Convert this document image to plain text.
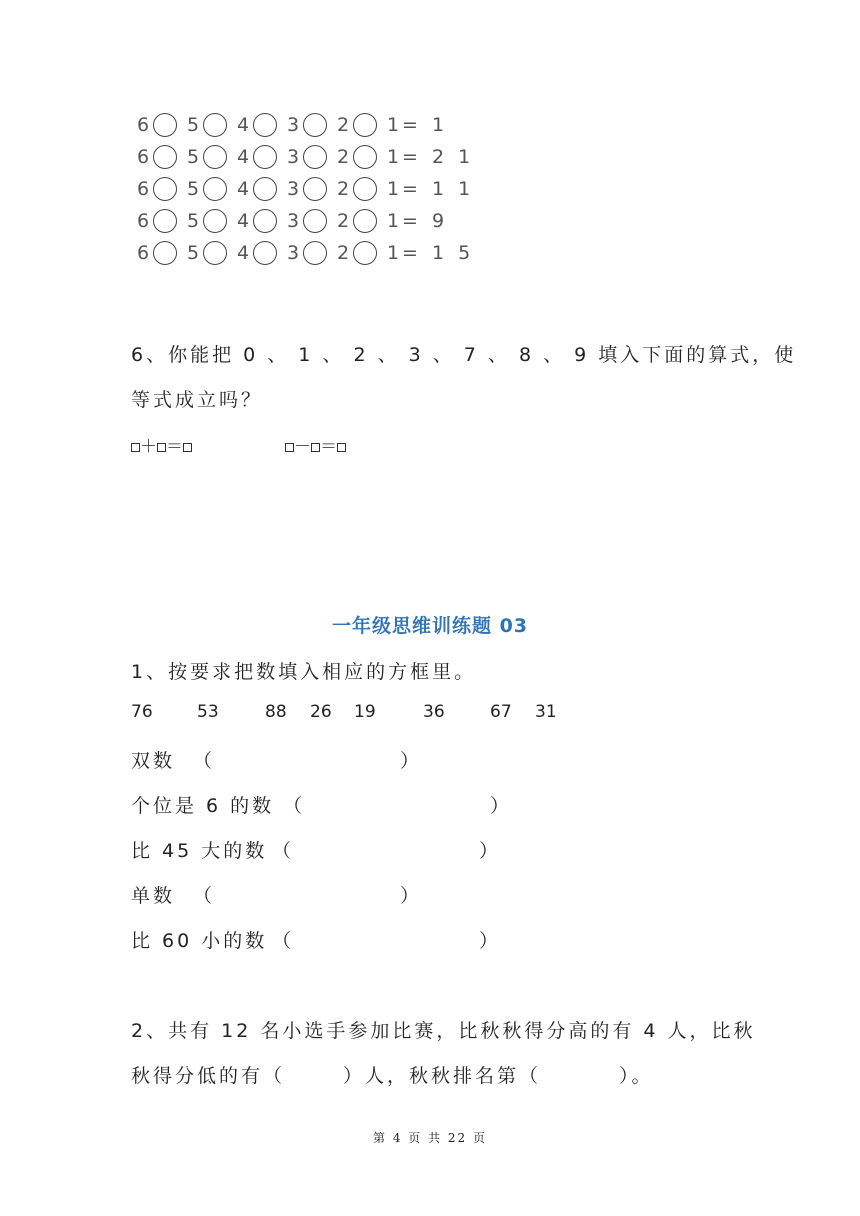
6 5 4 3 2 1 = 1
6 5 4 3 2 1 = 2 1
6 5 4 3 2 1 = 1 1
6 5 4 3 2 1 = 9
6 5 4 3 2 1 = 1 5
6、你能把 0 、 1 、 2 、 3 、 7 、 8 、 9 填入下面的算式，使
等式成立吗？
＋ ＝	－ ＝
一年级思维训练题 03
1、按要求把数填入相应的方框里。
76	53	88 26 19	36	67 31
双数 （	）
个位是 6 的数 （	）
比 45 大的数 （	）
单数 （	）
比 60 小的数 （	）
2、共有 12 名小选手参加比赛，比秋秋得分高的有 4 人，比秋
秋得分低的有（	）人，秋秋排名第（	）。
第 4 页 共 22 页
